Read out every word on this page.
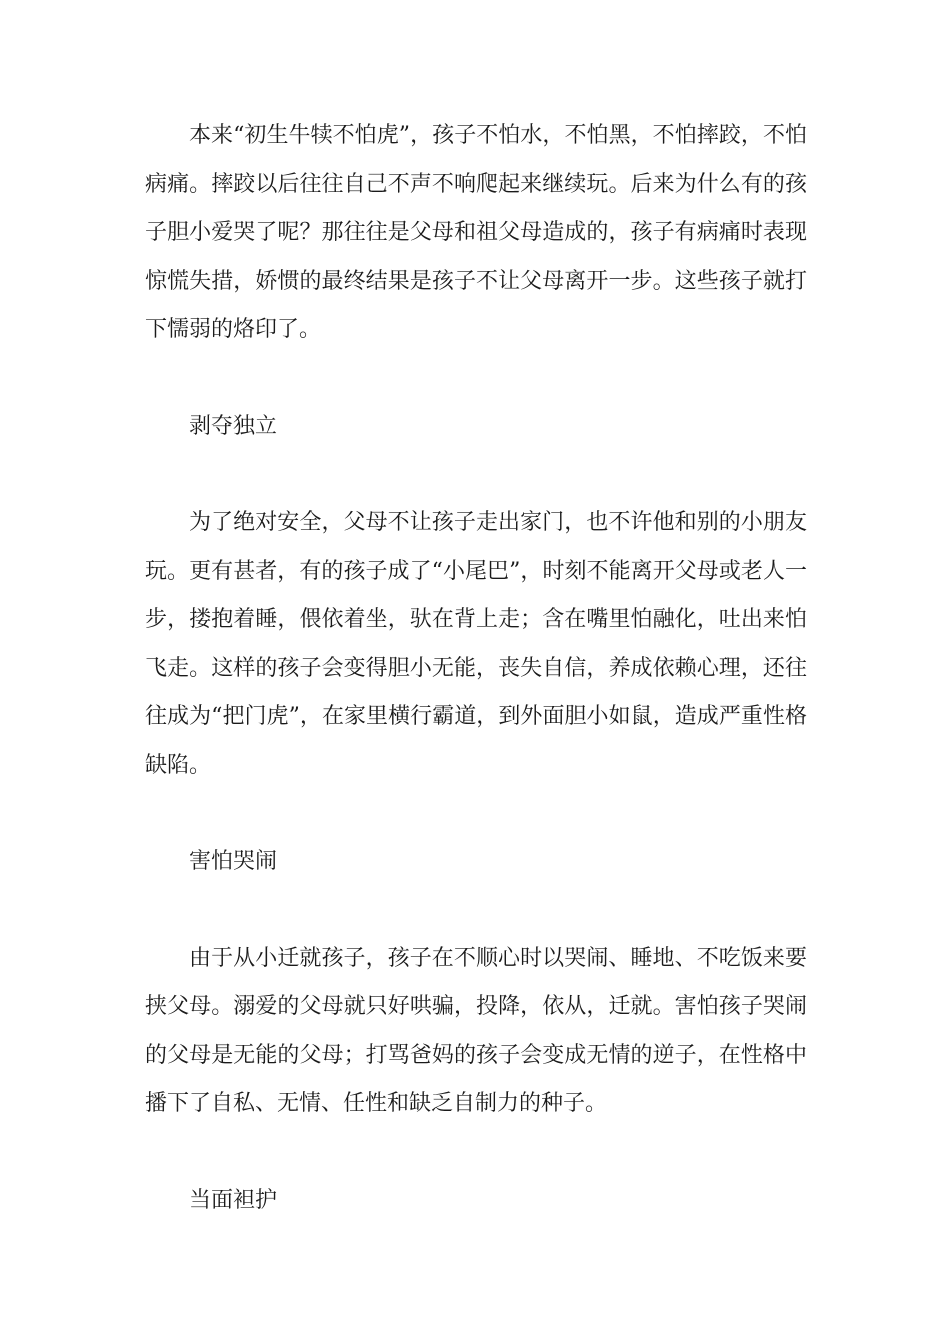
本来“初生牛犊不怕虎”，孩子不怕水，不怕黑，不怕摔跤，不怕病痛。摔跤以后往往自己不声不响爬起来继续玩。后来为什么有的孩子胆小爱哭了呢？那往往是父母和祖父母造成的，孩子有病痛时表现惊慌失措，娇惯的最终结果是孩子不让父母离开一步。这些孩子就打下懦弱的烙印了。

剥夺独立

为了绝对安全，父母不让孩子走出家门，也不许他和别的小朋友玩。更有甚者，有的孩子成了“小尾巴”，时刻不能离开父母或老人一步，搂抱着睡，偎依着坐，驮在背上走；含在嘴里怕融化，吐出来怕飞走。这样的孩子会变得胆小无能，丧失自信，养成依赖心理，还往往成为“把门虎”，在家里横行霸道，到外面胆小如鼠，造成严重性格缺陷。

害怕哭闹

由于从小迁就孩子，孩子在不顺心时以哭闹、睡地、不吃饭来要挟父母。溺爱的父母就只好哄骗，投降，依从，迁就。害怕孩子哭闹的父母是无能的父母；打骂爸妈的孩子会变成无情的逆子，在性格中播下了自私、无情、任性和缺乏自制力的种子。

当面袒护
